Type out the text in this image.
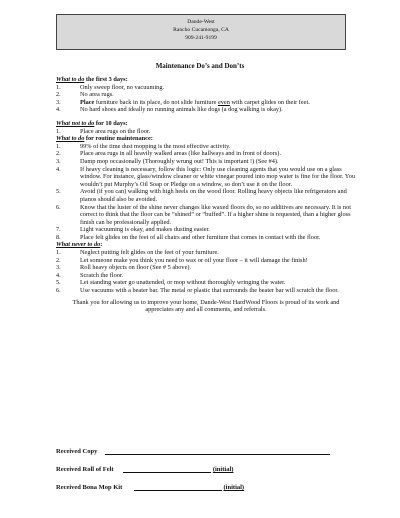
Dande-West
Rancho Cucamonga, CA
909-241-9199
Maintenance Do’s and Don’ts
What to do the first 3 days:
1.	Only sweep floor, no vacuuming.
2.	No area rugs.
3.	Place furniture back in its place, do not slide furniture even with carpet glides on their feet.
4.	No hard shoes and ideally no running animals like dogs (a dog walking is okay).
What not to do for 10 days:
1.	Place area rugs on the floor.
What to do for routine maintenance:
1.	99% of the time dust mopping is the most effective activity.
2.	Place area rugs in all heavily walked areas (like hallways and in front of doors).
3.	Damp mop occasionally (Thoroughly wrung out! This is important !) (See #4).
4.	If heavy cleaning is necessary, follow this logic: Only use cleaning agents that you would use on a glass window. For instance, glass/window cleaner or white vinegar poured into mop water is fine for the floor. You wouldn’t put Murphy’s Oil Soap or Pledge on a window, so don’t use it on the floor.
5.	Avoid (if you can) walking with high heels on the wood floor. Rolling heavy objects like refrigerators and pianos should also be avoided.
6.	Know that the luster of the shine never changes like waxed floors do, so no additives are necessary. It is not correct to think that the floor can be “shined” or “buffed”. If a higher shine is requested, than a higher gloss finish can be professionally applied.
7.	Light vacuuming is okay, and makes dusting easier.
8.	Place felt glides on the feet of all chairs and other furniture that comes in contact with the floor.
What never to do:
1.	Neglect putting felt glides on the feet of your furniture.
2.	Let someone make you think you need to wax or oil your floor – it will damage the finish!
3.	Roll heavy objects on floor (See # 5 above).
4.	Scratch the floor.
5.	Let standing water go unattended, or mop without thoroughly wringing the water.
6.	Use vacuums with a beater bar. The metal or plastic that surrounds the beater bar will scratch the floor.
Thank you for allowing us to improve your home, Dande-West HardWood Floors is proud of its work and appreciates any and all comments, and referrals.
Received Copy
Received Roll of Felt	(initial)
Received Bona Mop Kit	(initial)
